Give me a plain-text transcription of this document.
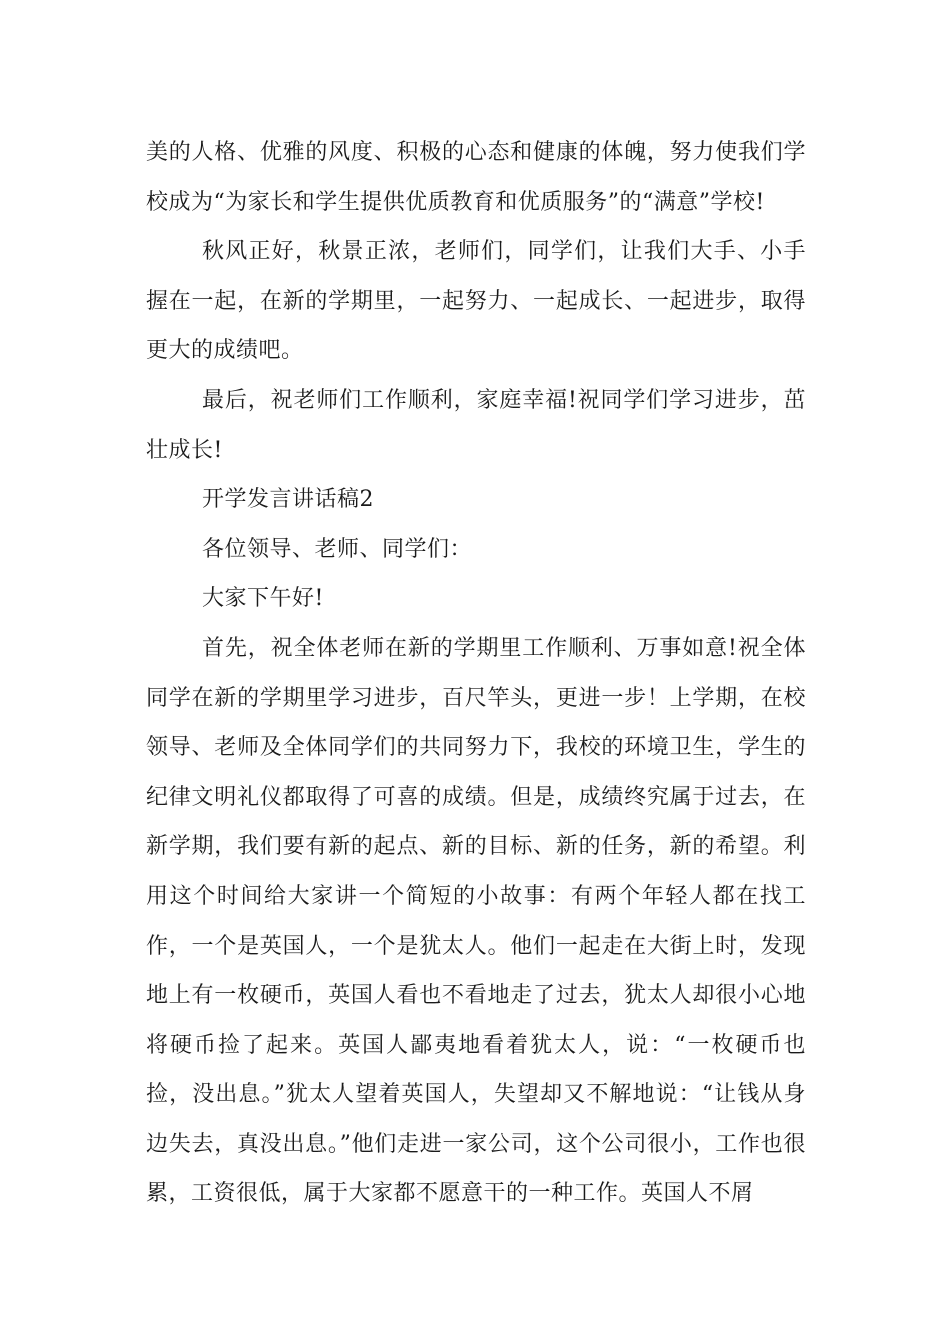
美的人格、优雅的风度、积极的心态和健康的体魄，努力使我们学校成为“为家长和学生提供优质教育和优质服务”的“满意”学校!

秋风正好，秋景正浓，老师们，同学们，让我们大手、小手握在一起，在新的学期里，一起努力、一起成长、一起进步，取得更大的成绩吧。

最后，祝老师们工作顺利，家庭幸福!祝同学们学习进步，茁壮成长!

开学发言讲话稿2

各位领导、老师、同学们：

大家下午好!

首先，祝全体老师在新的学期里工作顺利、万事如意!祝全体同学在新的学期里学习进步，百尺竿头，更进一步！上学期，在校领导、老师及全体同学们的共同努力下，我校的环境卫生，学生的纪律文明礼仪都取得了可喜的成绩。但是，成绩终究属于过去，在新学期，我们要有新的起点、新的目标、新的任务，新的希望。利用这个时间给大家讲一个简短的小故事：有两个年轻人都在找工作，一个是英国人，一个是犹太人。他们一起走在大街上时，发现地上有一枚硬币，英国人看也不看地走了过去，犹太人却很小心地将硬币捡了起来。英国人鄙夷地看着犹太人，说：“一枚硬币也捡，没出息。”犹太人望着英国人，失望却又不解地说：“让钱从身边失去，真没出息。”他们走进一家公司，这个公司很小，工作也很累，工资很低，属于大家都不愿意干的一种工作。英国人不屑
